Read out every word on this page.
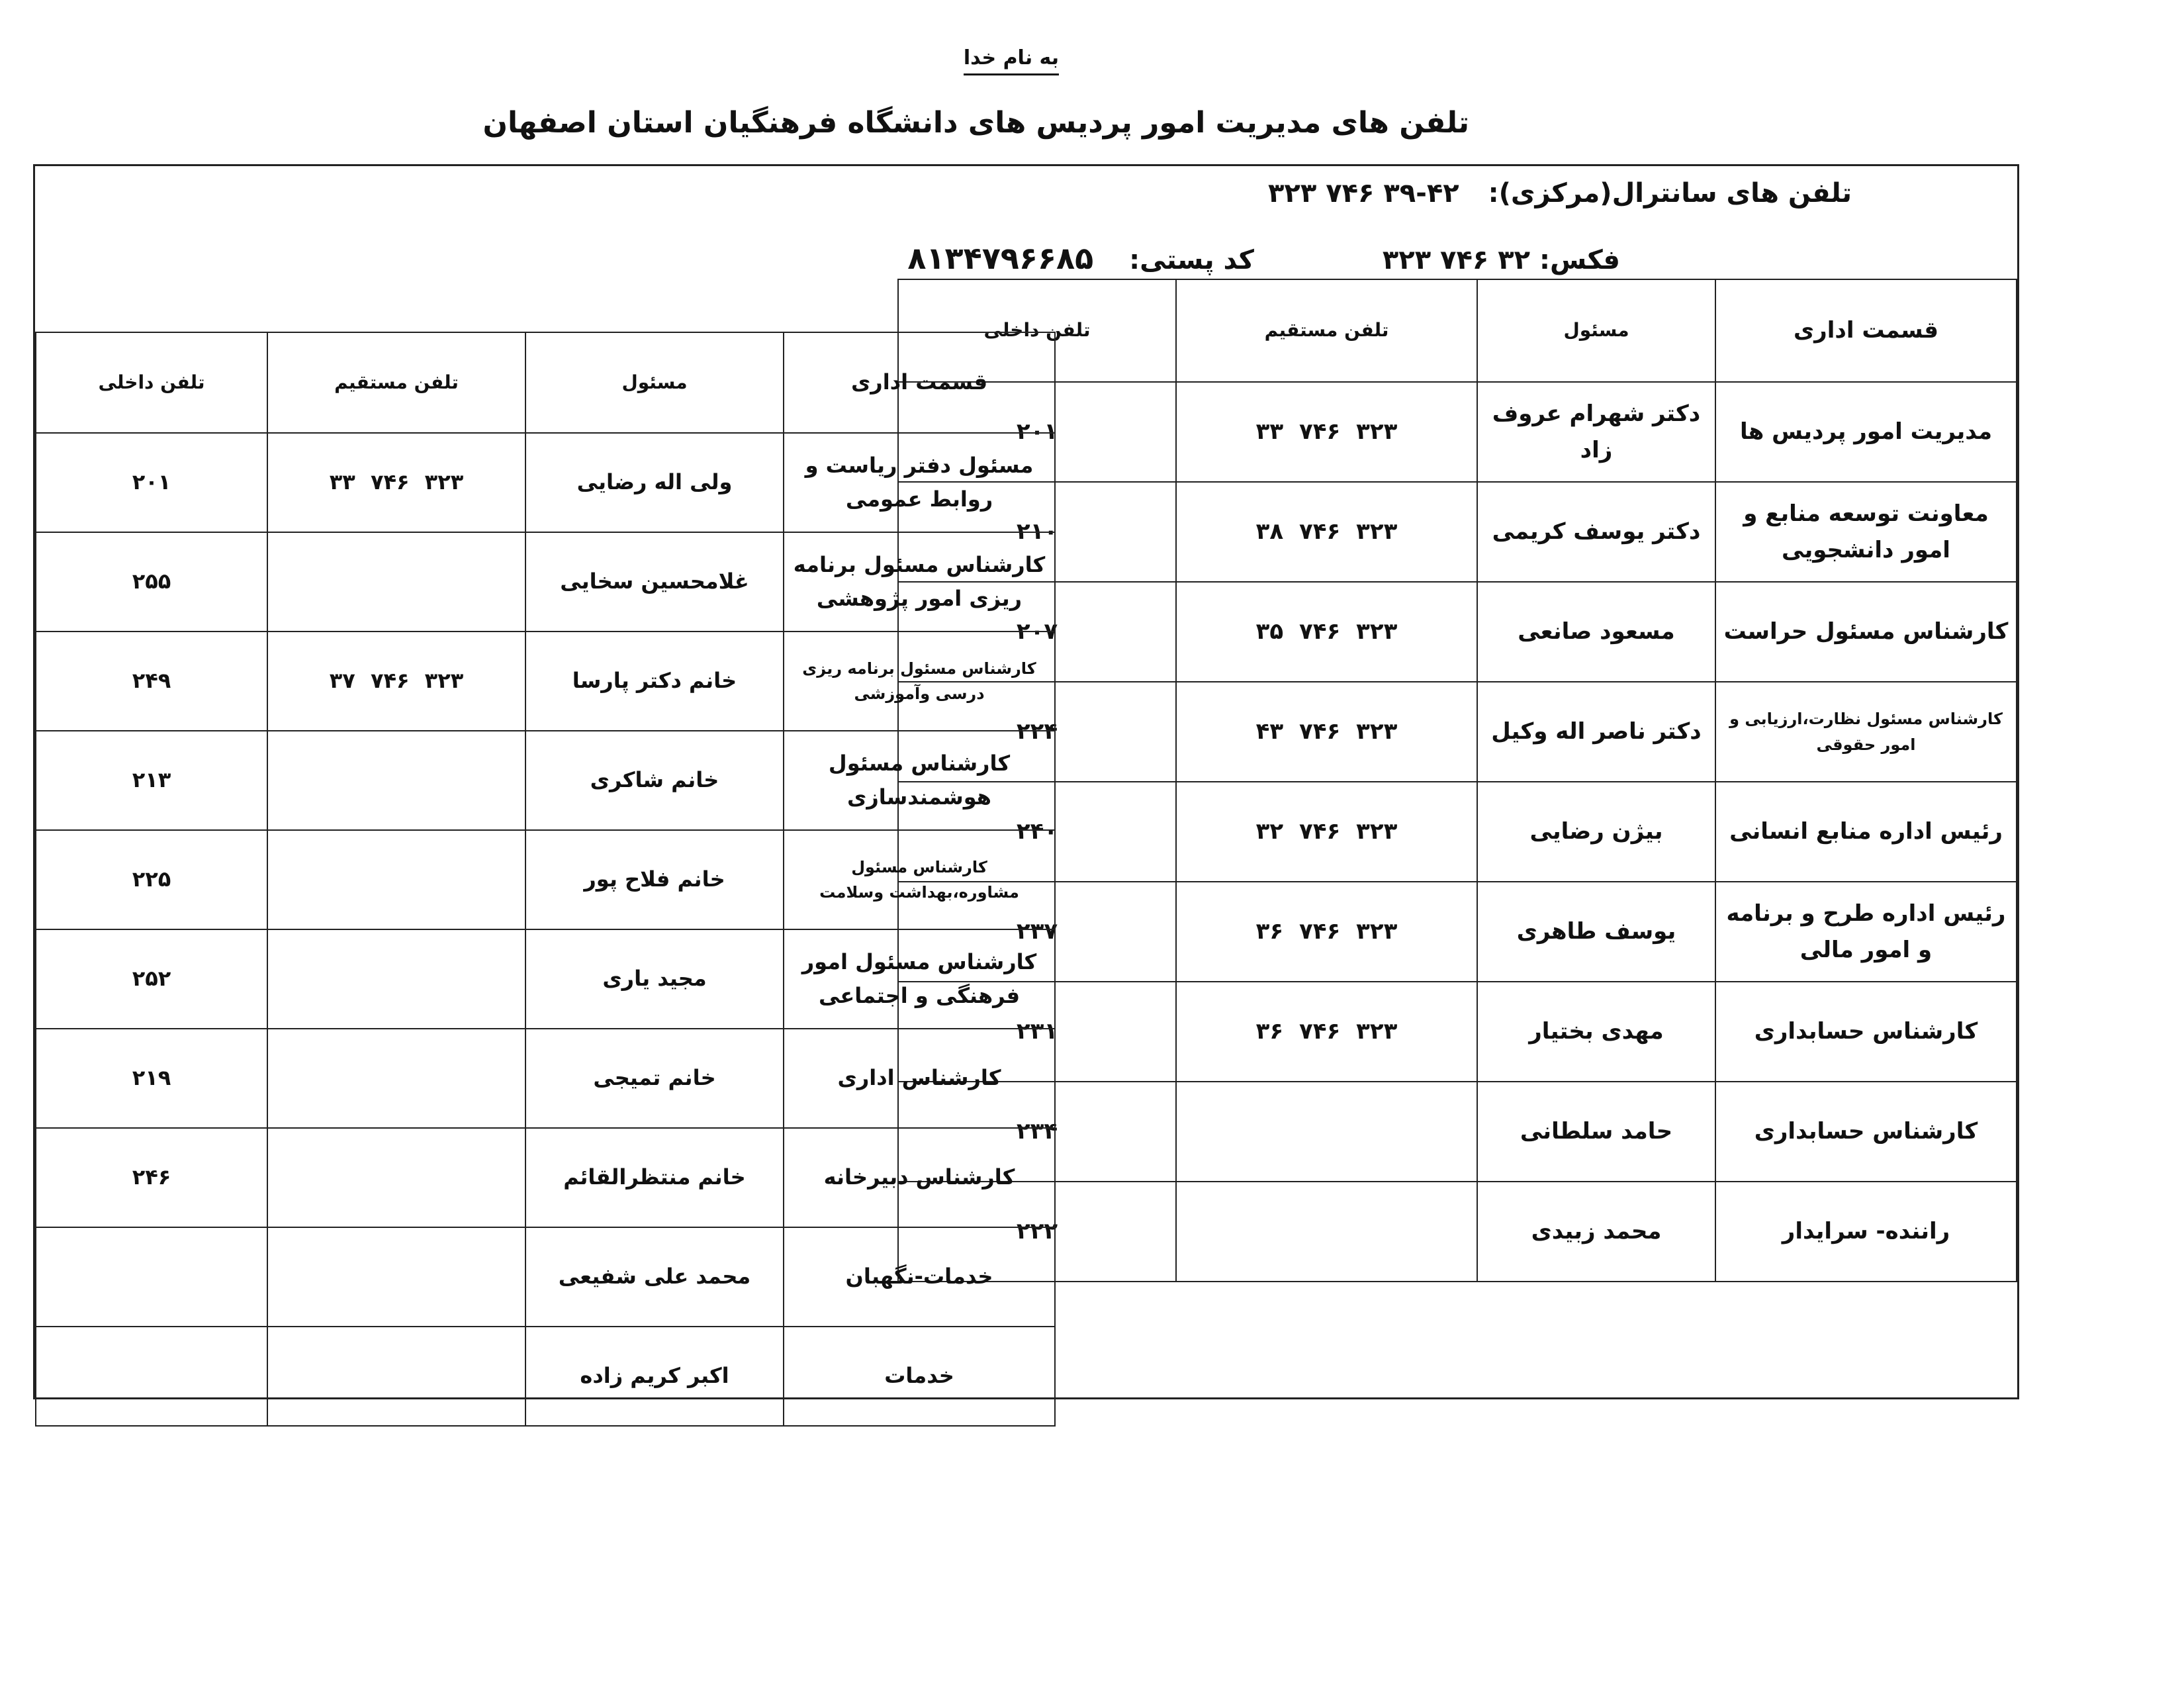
به نام خدا
تلفن های مدیریت امور پردیس های دانشگاه فرهنگیان استان اصفهان
تلفن های سانترال(مرکزی): ۴۲-۳۹ ۷۴۶ ۳۲۳
فکس: ۳۲ ۷۴۶ ۳۲۳ کد پستی: ۸۱۳۴۷۹۶۶۸۵
قسمت اداری	مسئول	تلفن مستقیم	تلفن داخلی
مدیریت امور پردیس ها	دکتر شهرام عروف زاد	۳۲۳ ۷۴۶ ۳۳	۲۰۱
معاونت توسعه منابع و امور دانشجویی	دکتر یوسف کریمی	۳۲۳ ۷۴۶ ۳۸	۲۱۰
کارشناس مسئول حراست	مسعود صانعی	۳۲۳ ۷۴۶ ۳۵	۲۰۷
کارشناس مسئول نظارت،ارزیابی و امور حقوقی	دکتر ناصر اله وکیل	۳۲۳ ۷۴۶ ۴۳	۲۲۴
رئیس اداره منابع انسانی	بیژن رضایی	۳۲۳ ۷۴۶ ۳۲	۲۴۰
رئیس اداره طرح و برنامه و امور مالی	یوسف طاهری	۳۲۳ ۷۴۶ ۳۶	۲۳۷
کارشناس حسابداری	مهدی بختیار	۳۲۳ ۷۴۶ ۳۶	۲۳۱
کارشناس حسابداری	حامد سلطانی		۲۳۴
راننده- سرایدار	محمد زبیدی		۲۲۲
قسمت اداری	مسئول	تلفن مستقیم	تلفن داخلی
مسئول دفتر ریاست و روابط عمومی	ولی اله رضایی	۳۲۳ ۷۴۶ ۳۳	۲۰۱
کارشناس مسئول برنامه ریزی امور پژوهشی	غلامحسین سخایی		۲۵۵
کارشناس مسئول برنامه ریزی درسی وآموزشی	خانم دکتر پارسا	۳۲۳ ۷۴۶ ۳۷	۲۴۹
کارشناس مسئول هوشمندسازی	خانم شاکری		۲۱۳
کارشناس مسئول مشاوره،بهداشت وسلامت	خانم فلاح پور		۲۲۵
کارشناس مسئول امور فرهنگی و اجتماعی	مجید یاری		۲۵۲
کارشناس اداری	خانم تمیجی		۲۱۹
کارشناس دبیرخانه	خانم منتظرالقائم		۲۴۶
خدمات-نگهبان	محمد علی شفیعی		
خدمات	اکبر کریم زاده		
